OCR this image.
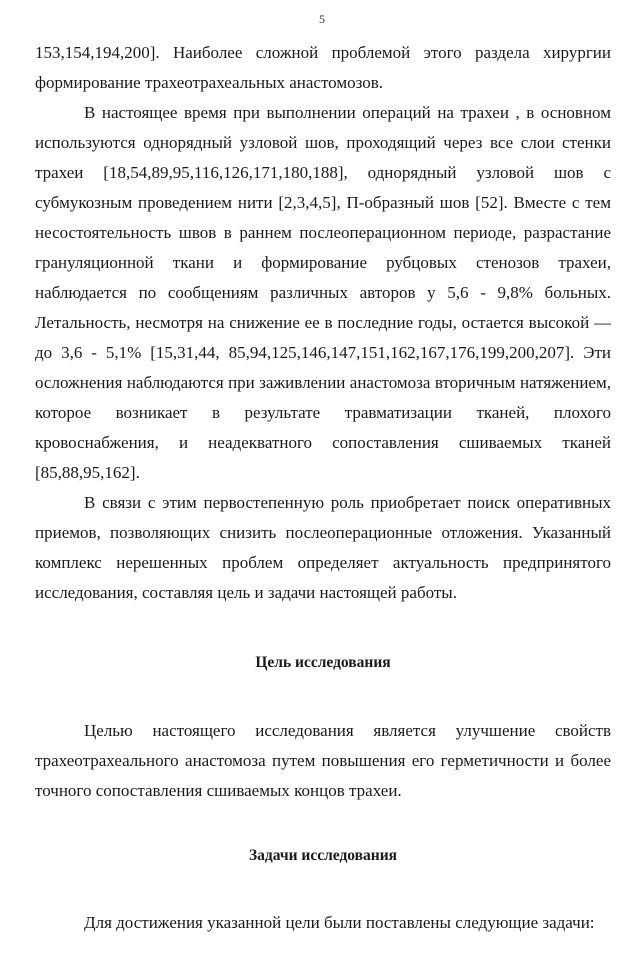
5

153,154,194,200]. Наиболее сложной проблемой этого раздела хирургии формирование трахеотрахеальных анастомозов.

В настоящее время при выполнении операций на трахеи , в основном используются однорядный узловой шов, проходящий через все слои стенки трахеи [18,54,89,95,116,126,171,180,188], однорядный узловой шов с субмукозным проведением нити [2,3,4,5], П-образный шов [52]. Вместе с тем несостоятельность швов в раннем послеоперационном периоде, разрастание грануляционной ткани и формирование рубцовых стенозов трахеи, наблюдается по сообщениям различных авторов у 5,6 - 9,8% больных. Летальность, несмотря на снижение ее в последние годы, остается высокой — до 3,6 - 5,1% [15,31,44, 85,94,125,146,147,151,162,167,176,199,200,207]. Эти осложнения наблюдаются при заживлении анастомоза вторичным натяжением, которое возникает в результате травматизации тканей, плохого кровоснабжения, и неадекватного сопоставления сшиваемых тканей [85,88,95,162].

В связи с этим первостепенную роль приобретает поиск оперативных приемов, позволяющих снизить послеоперационные отложения. Указанный комплекс нерешенных проблем определяет актуальность предпринятого исследования, составляя цель и задачи настоящей работы.

Цель исследования

Целью настоящего исследования является улучшение свойств трахеотрахеального анастомоза путем повышения его герметичности и более точного сопоставления сшиваемых концов трахеи.

Задачи исследования

Для достижения указанной цели были поставлены следующие задачи:
